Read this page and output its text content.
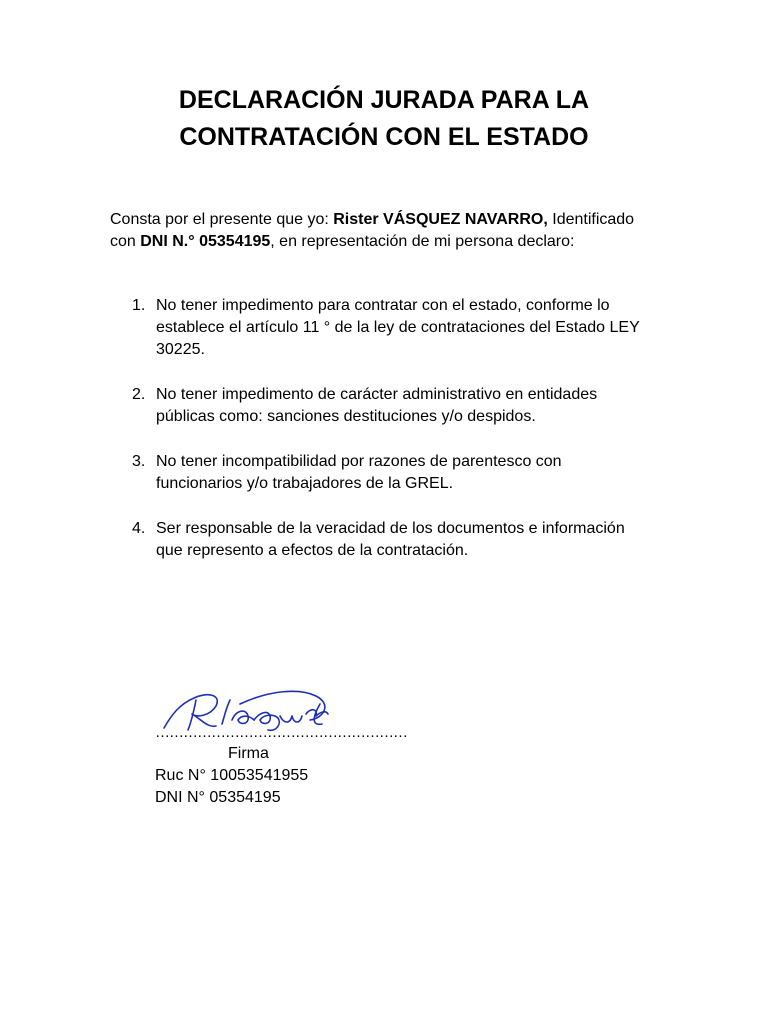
DECLARACIÓN JURADA PARA LA
CONTRATACIÓN CON EL ESTADO
Consta por el presente que yo: Rister VÁSQUEZ NAVARRO, Identificado
con DNI N.° 05354195, en representación de mi persona declaro:
1. No tener impedimento para contratar con el estado, conforme lo
establece el artículo 11 ° de la ley de contrataciones del Estado LEY
30225.
2. No tener impedimento de carácter administrativo en entidades
públicas como: sanciones destituciones y/o despidos.
3. No tener incompatibilidad por razones de parentesco con
funcionarios y/o trabajadores de la GREL.
4. Ser responsable de la veracidad de los documentos e información
que represento a efectos de la contratación.
………………………………………………
Firma
Ruc N° 10053541955
DNI N° 05354195
